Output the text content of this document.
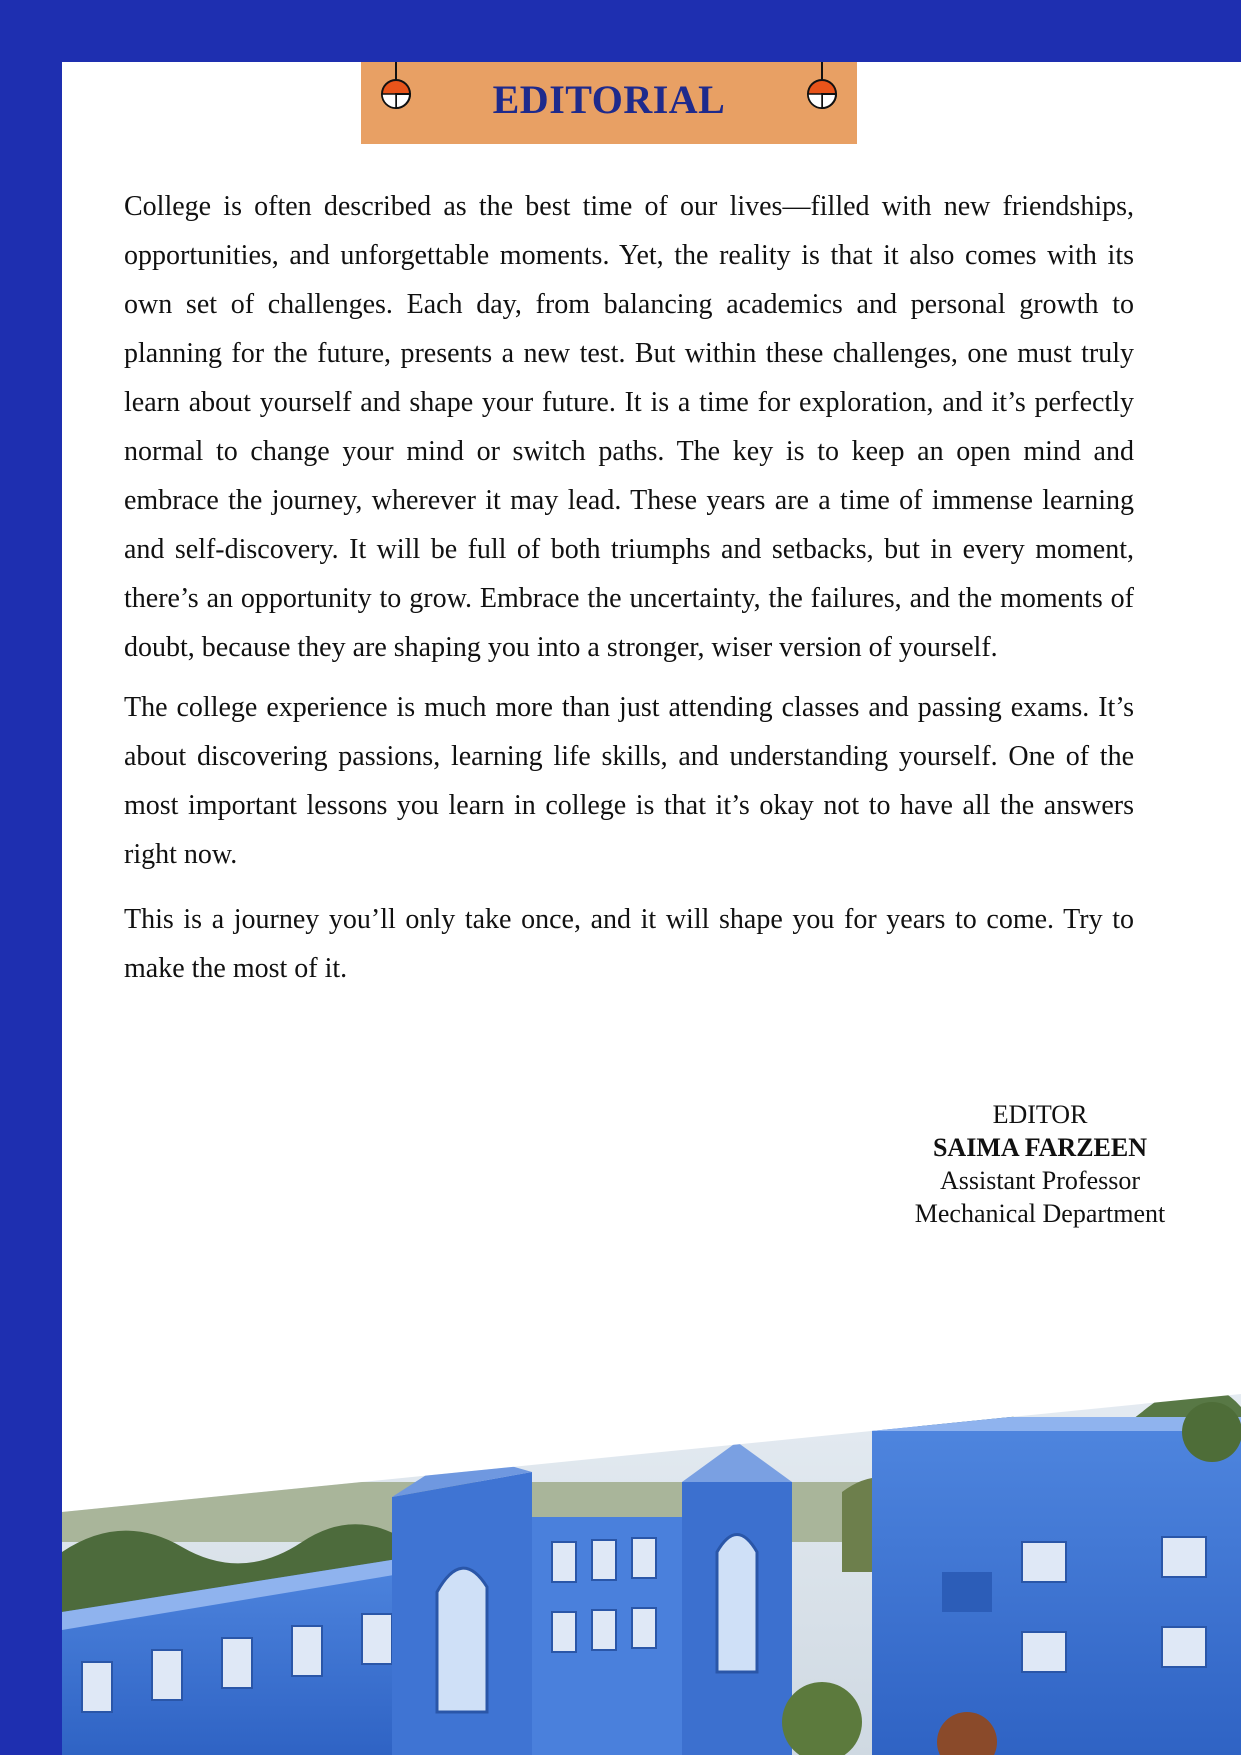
EDITORIAL

College is often described as the best time of our lives—filled with new friendships, opportunities, and unforgettable moments. Yet, the reality is that it also comes with its own set of challenges. Each day, from balancing academics and personal growth to planning for the future, presents a new test. But within these challenges, one must truly learn about yourself and shape your future. It is a time for exploration, and it’s perfectly normal to change your mind or switch paths. The key is to keep an open mind and embrace the journey, wherever it may lead. These years are a time of immense learning and self-discovery. It will be full of both triumphs and setbacks, but in every moment, there’s an opportunity to grow. Embrace the uncertainty, the failures, and the moments of doubt, because they are shaping you into a stronger, wiser version of yourself.

The college experience is much more than just attending classes and passing exams. It’s about discovering passions, learning life skills, and understanding yourself. One of the most important lessons you learn in college is that it’s okay not to have all the answers right now.

This is a journey you’ll only take once, and it will shape you for years to come. Try to make the most of it.

EDITOR
SAIMA FARZEEN
Assistant Professor
Mechanical Department
